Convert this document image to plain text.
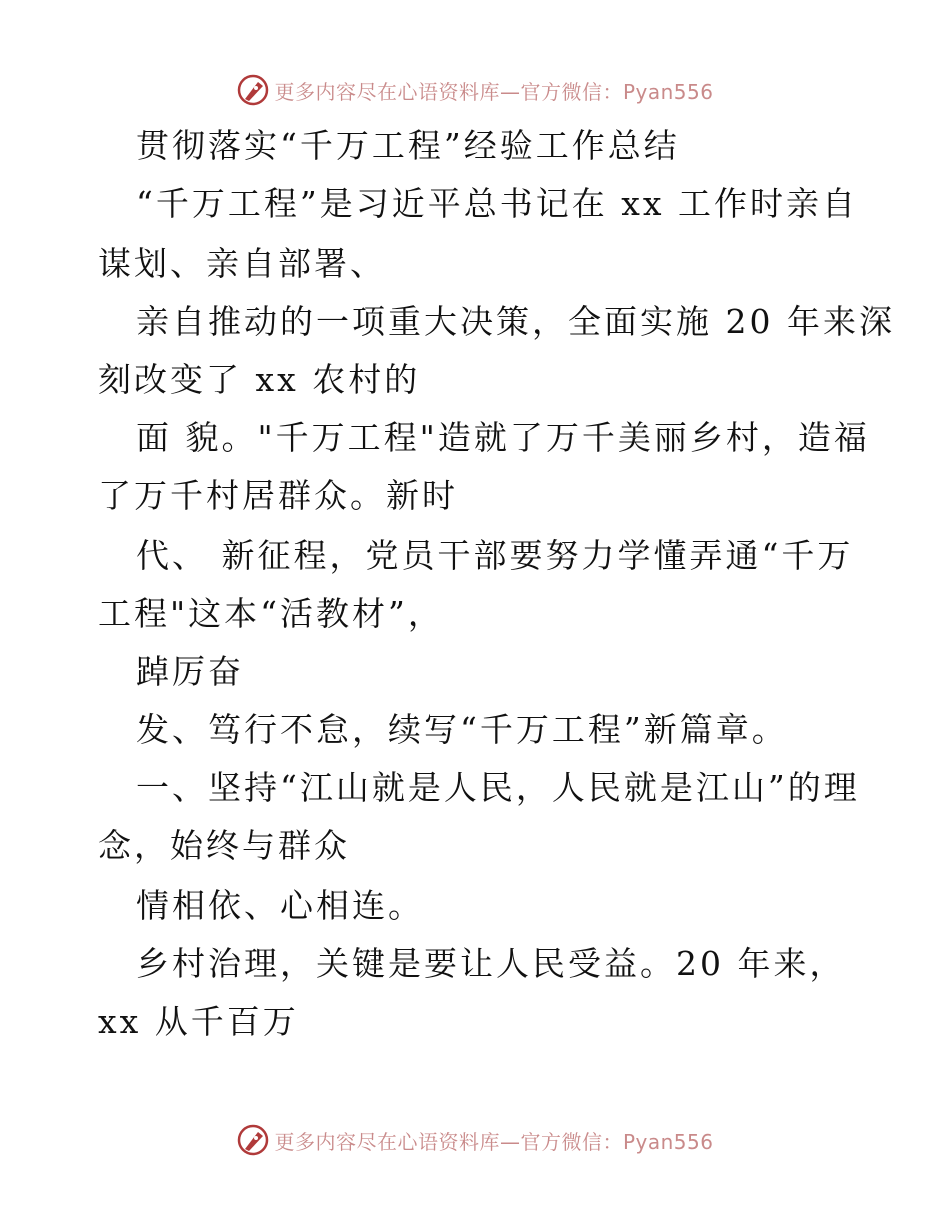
更多内容尽在心语资料库—官方微信：Pyan556
贯彻落实“千万工程”经验工作总结
“千万工程”是习近平总书记在 xx 工作时亲自
谋划、亲自部署、
亲自推动的一项重大决策，全面实施 20 年来深
刻改变了 xx 农村的
面 貌。"千万工程"造就了万千美丽乡村，造福
了万千村居群众。新时
代、 新征程，党员干部要努力学懂弄通“千万
工程"这本“活教材”，
踔厉奋
发、笃行不怠，续写“千万工程”新篇章。
一、坚持“江山就是人民，人民就是江山”的理
念，始终与群众
情相依、心相连。
乡村治理，关键是要让人民受益。20 年来，
xx 从千百万
更多内容尽在心语资料库—官方微信：Pyan556
